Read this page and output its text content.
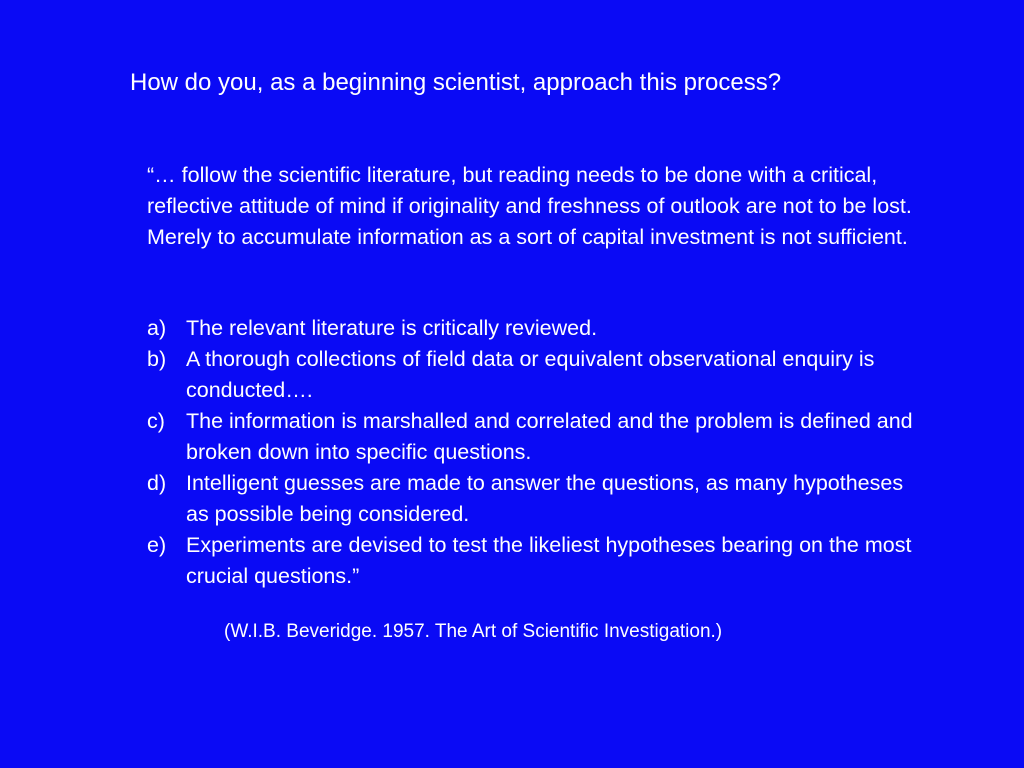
How do you, as a beginning scientist, approach this process?

“… follow the scientific literature, but reading needs to be done with a critical, reflective attitude of mind if originality and freshness of outlook are not to be lost. Merely to accumulate information as a sort of capital investment is not sufficient.

a) The relevant literature is critically reviewed.
b) A thorough collections of field data or equivalent observational enquiry is conducted….
c) The information is marshalled and correlated and the problem is defined and broken down into specific questions.
d) Intelligent guesses are made to answer the questions, as many hypotheses as possible being considered.
e) Experiments are devised to test the likeliest hypotheses bearing on the most crucial questions.”
(W.I.B. Beveridge. 1957. The Art of Scientific Investigation.)
